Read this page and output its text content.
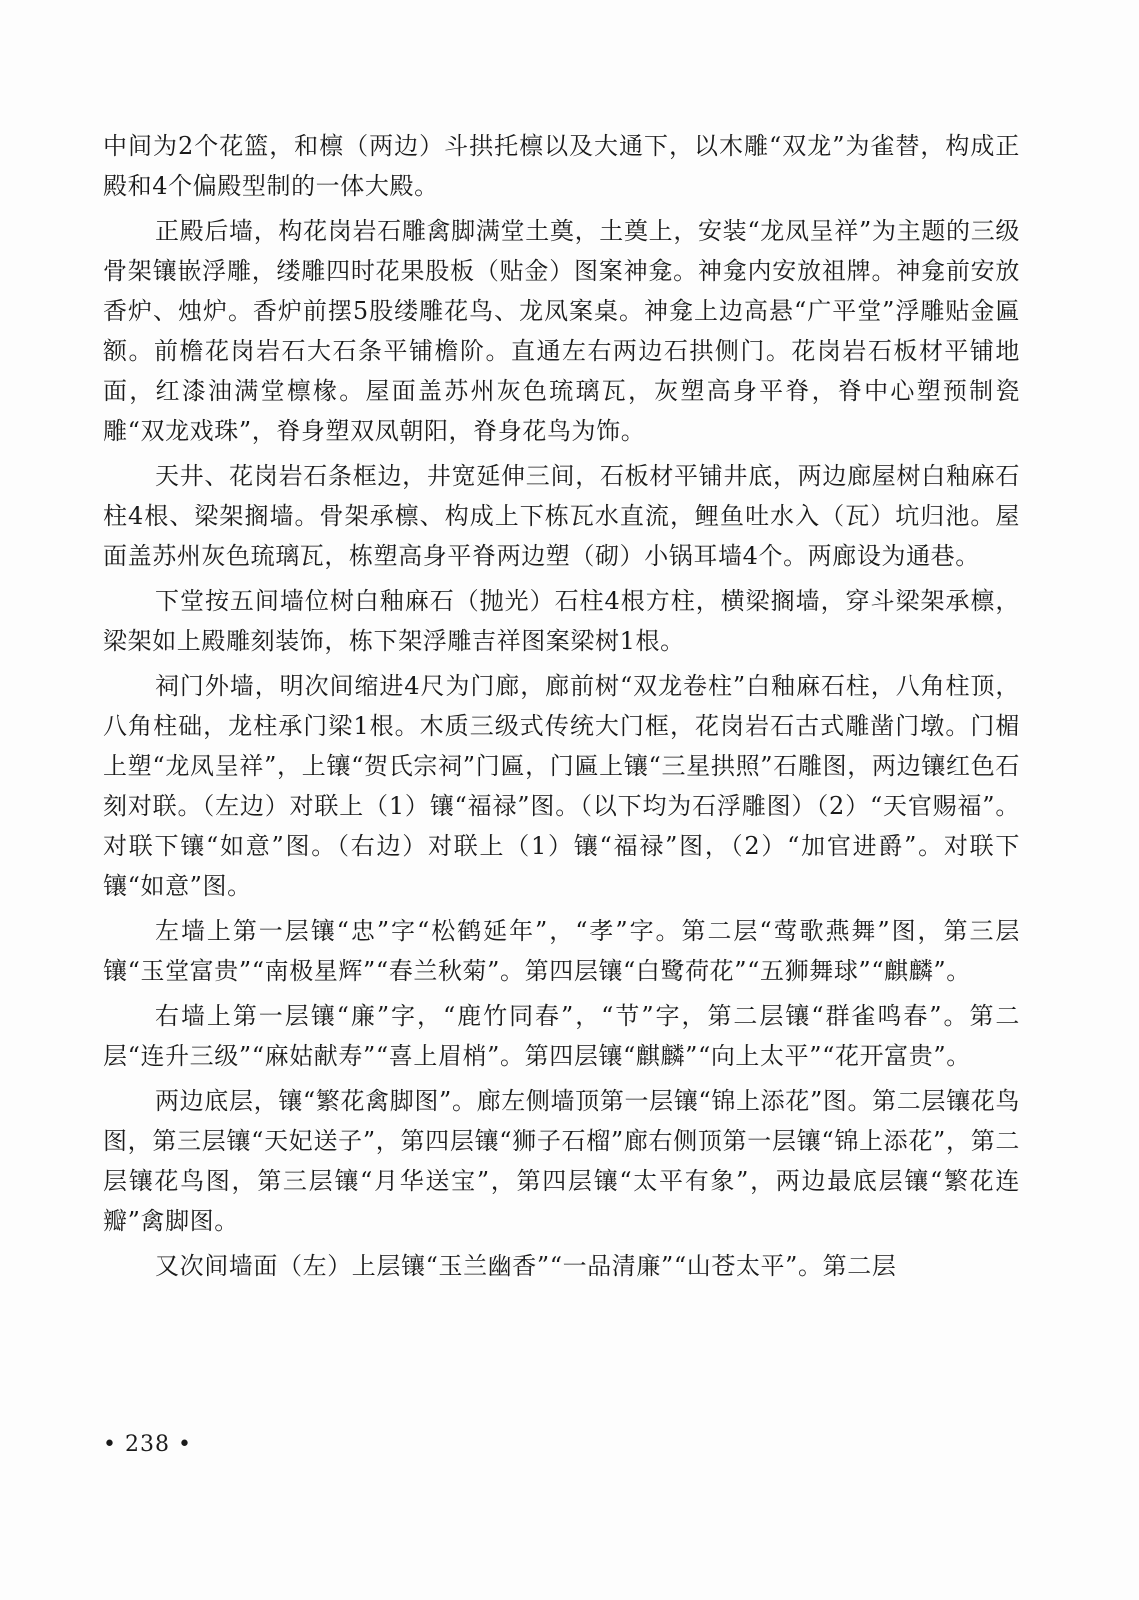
中间为2个花篮，和檩（两边）斗拱托檩以及大通下，以木雕“双龙”为雀替，构成正殿和4个偏殿型制的一体大殿。

正殿后墙，构花岗岩石雕禽脚满堂土奠，土奠上，安装“龙凤呈祥”为主题的三级骨架镶嵌浮雕，缕雕四时花果股板（贴金）图案神龛。神龛内安放祖牌。神龛前安放香炉、烛炉。香炉前摆5股缕雕花鸟、龙凤案桌。神龛上边高悬“广平堂”浮雕贴金匾额。前檐花岗岩石大石条平铺檐阶。直通左右两边石拱侧门。花岗岩石板材平铺地面，红漆油满堂檩椽。屋面盖苏州灰色琉璃瓦，灰塑高身平脊，脊中心塑预制瓷雕“双龙戏珠”，脊身塑双凤朝阳，脊身花鸟为饰。

天井、花岗岩石条框边，井宽延伸三间，石板材平铺井底，两边廊屋树白釉麻石柱4根、梁架搁墙。骨架承檩、构成上下栋瓦水直流，鲤鱼吐水入（瓦）坑归池。屋面盖苏州灰色琉璃瓦，栋塑高身平脊两边塑（砌）小锅耳墙4个。两廊设为通巷。

下堂按五间墙位树白釉麻石（抛光）石柱4根方柱，横梁搁墙，穿斗梁架承檩，梁架如上殿雕刻装饰，栋下架浮雕吉祥图案梁树1根。

祠门外墙，明次间缩进4尺为门廊，廊前树“双龙卷柱”白釉麻石柱，八角柱顶，八角柱础，龙柱承门梁1根。木质三级式传统大门框，花岗岩石古式雕凿门墩。门楣上塑“龙凤呈祥”，上镶“贺氏宗祠”门匾，门匾上镶“三星拱照”石雕图，两边镶红色石刻对联。（左边）对联上（1）镶“福禄”图。（以下均为石浮雕图）（2）“天官赐福”。对联下镶“如意”图。（右边）对联上（1）镶“福禄”图，（2）“加官进爵”。对联下镶“如意”图。

左墙上第一层镶“忠”字“松鹤延年”，“孝”字。第二层“莺歌燕舞”图，第三层镶“玉堂富贵”“南极星辉”“春兰秋菊”。第四层镶“白鹭荷花”“五狮舞球”“麒麟”。

右墙上第一层镶“廉”字，“鹿竹同春”，“节”字，第二层镶“群雀鸣春”。第二层“连升三级”“麻姑献寿”“喜上眉梢”。第四层镶“麒麟”“向上太平”“花开富贵”。

两边底层，镶“繁花禽脚图”。廊左侧墙顶第一层镶“锦上添花”图。第二层镶花鸟图，第三层镶“天妃送子”，第四层镶“狮子石榴”廊右侧顶第一层镶“锦上添花”，第二层镶花鸟图，第三层镶“月华送宝”，第四层镶“太平有象”，两边最底层镶“繁花连瓣”禽脚图。

又次间墙面（左）上层镶“玉兰幽香”“一品清廉”“山苍太平”。第二层

• 238 •
